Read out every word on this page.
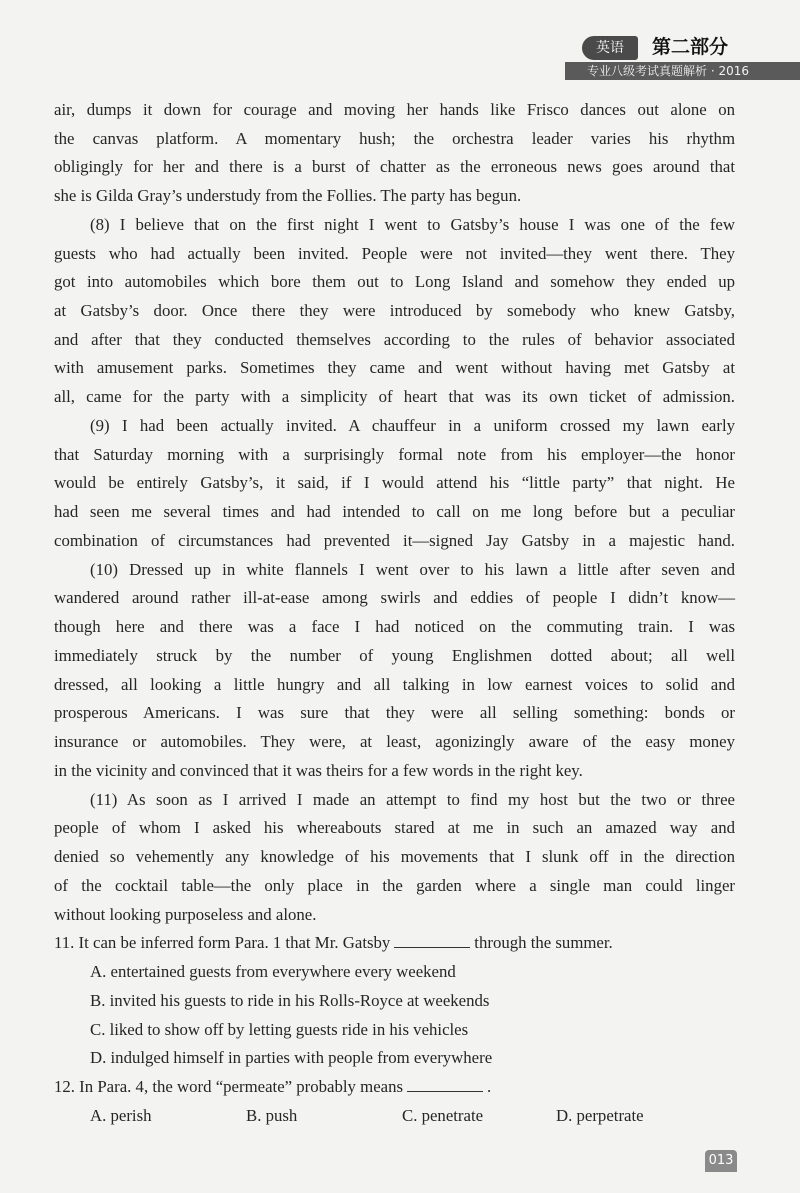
英语	第二部分
专业八级考试真题解析 · 2016
air, dumps it down for courage and moving her hands like Frisco dances out alone on
the canvas platform. A momentary hush; the orchestra leader varies his rhythm
obligingly for her and there is a burst of chatter as the erroneous news goes around that
she is Gilda Gray’s understudy from the Follies. The party has begun.
(8) I believe that on the first night I went to Gatsby’s house I was one of the few
guests who had actually been invited. People were not invited—they went there. They
got into automobiles which bore them out to Long Island and somehow they ended up
at Gatsby’s door. Once there they were introduced by somebody who knew Gatsby,
and after that they conducted themselves according to the rules of behavior associated
with amusement parks. Sometimes they came and went without having met Gatsby at
all, came for the party with a simplicity of heart that was its own ticket of admission.
(9) I had been actually invited. A chauffeur in a uniform crossed my lawn early
that Saturday morning with a surprisingly formal note from his employer—the honor
would be entirely Gatsby’s, it said, if I would attend his “little party” that night. He
had seen me several times and had intended to call on me long before but a peculiar
combination of circumstances had prevented it—signed Jay Gatsby in a majestic hand.
(10) Dressed up in white flannels I went over to his lawn a little after seven and
wandered around rather ill-at-ease among swirls and eddies of people I didn’t know—
though here and there was a face I had noticed on the commuting train. I was
immediately struck by the number of young Englishmen dotted about; all well
dressed, all looking a little hungry and all talking in low earnest voices to solid and
prosperous Americans. I was sure that they were all selling something: bonds or
insurance or automobiles. They were, at least, agonizingly aware of the easy money
in the vicinity and convinced that it was theirs for a few words in the right key.
(11) As soon as I arrived I made an attempt to find my host but the two or three
people of whom I asked his whereabouts stared at me in such an amazed way and
denied so vehemently any knowledge of his movements that I slunk off in the direction
of the cocktail table—the only place in the garden where a single man could linger
without looking purposeless and alone.
11. It can be inferred form Para. 1 that Mr. Gatsby	through the summer.
A. entertained guests from everywhere every weekend
B. invited his guests to ride in his Rolls-Royce at weekends
C. liked to show off by letting guests ride in his vehicles
D. indulged himself in parties with people from everywhere
12. In Para. 4, the word “permeate” probably means	.
A. perish	B. push	C. penetrate	D. perpetrate
013
